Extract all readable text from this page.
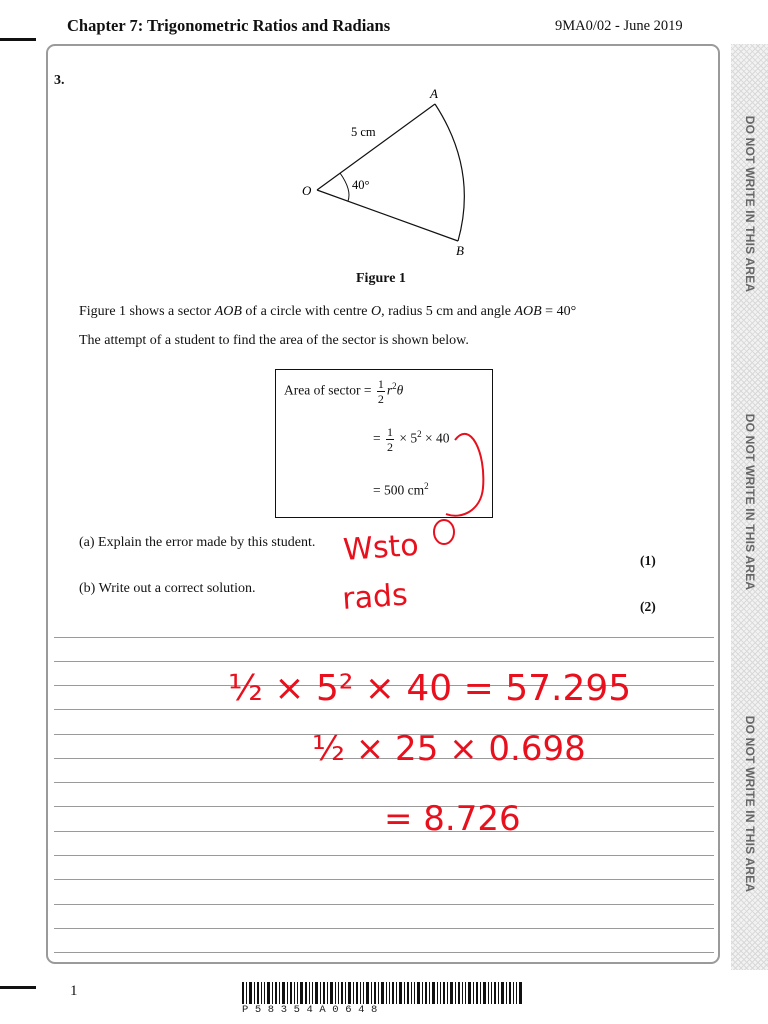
Chapter 7: Trigonometric Ratios and Radians	9MA0/02 - June 2019
DO NOT WRITE IN THIS AREA
DO NOT WRITE IN THIS AREA
DO NOT WRITE IN THIS AREA
3.
A
B
O
5 cm
40°
Figure 1
Figure 1 shows a sector AOB of a circle with centre O, radius 5 cm and angle AOB = 40°
The attempt of a student to find the area of the sector is shown below.
Area of sector = $\frac{1}{2} r^2\theta$
= $\frac{1}{2} \times 5^2 \times 40$
= 500 $cm^2$
(a) Explain the error made by this student.
(1)
(b) Write out a correct solution.
(2)
Wsto
rads
½ × 5² × 40 = 57.295
½ × 25 × 0.698
= 8.726
1
P58354A0648
